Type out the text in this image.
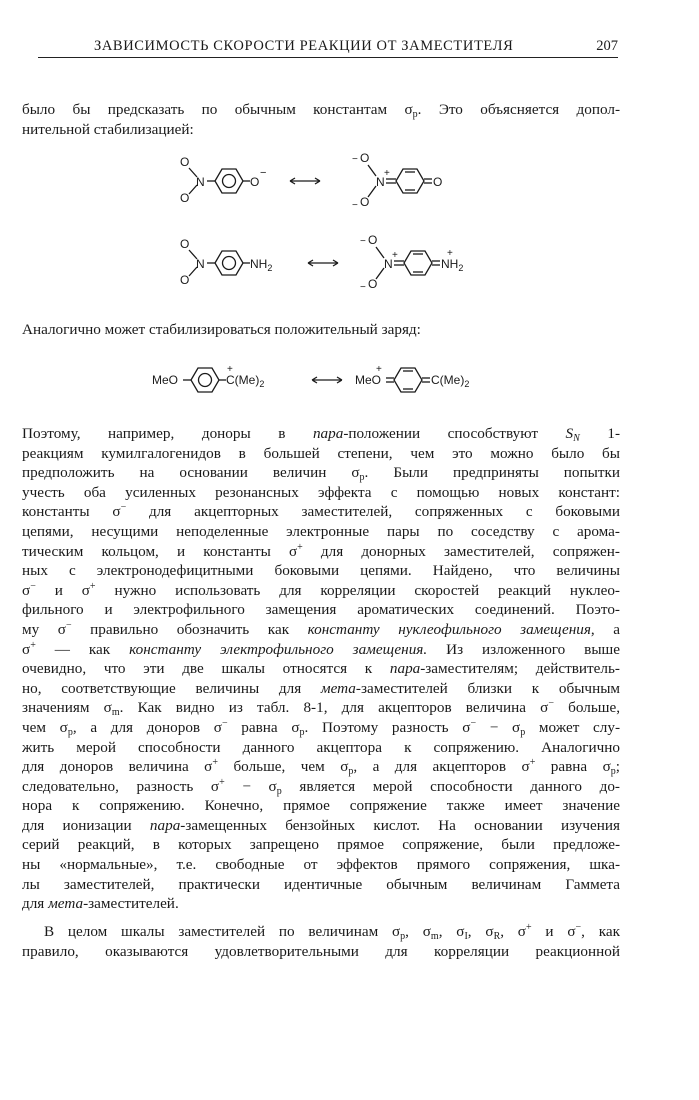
ЗАВИСИМОСТЬ СКОРОСТИ РЕАКЦИИ ОТ ЗАМЕСТИТЕЛЯ	207

было бы предсказать по обычным константам $\sigma_p$. Это объясняется допол-

нительной стабилизацией:

O
O
N	O
−
O
−
O
−
N
+
O
O
O
N	$NH_2$
O
−
O
−
N
+
$NH_2$
+

Аналогично может стабилизироваться положительный заряд:

MeO	$C(Me)_2$
+
MeO
+
$C(Me)_2$

Поэтому, например, доноры в пара-положении способствуют $S_N$ 1-

реакциям кумилгалогенидов в большей степени, чем это можно было бы

предположить на основании величин $\sigma_p$. Были предприняты попытки

учесть оба усиленных резонансных эффекта с помощью новых констант:

константы σ− для акцепторных заместителей, сопряженных с боковыми

цепями, несущими неподеленные электронные пары по соседству с арома-

тическим кольцом, и константы σ+ для донорных заместителей, сопряжен-

ных с электронодефицитными боковыми цепями. Найдено, что величины

σ− и σ+ нужно использовать для корреляции скоростей реакций нуклео-

фильного и электрофильного замещения ароматических соединений. Поэто-

му σ− правильно обозначить как константу нуклеофильного замещения, а

σ+ — как константу электрофильного замещения. Из изложенного выше

очевидно, что эти две шкалы относятся к пара-заместителям; действитель-

но, соответствующие величины для мета-заместителей близки к обычным

значениям $\sigma_m$. Как видно из табл. 8-1, для акцепторов величина σ− больше,

чем $\sigma_p$, а для доноров σ− равна $\sigma_p$. Поэтому разность $\sigma^- - \sigma_p$ может слу-

жить мерой способности данного акцептора к сопряжению. Аналогично

для доноров величина σ+ больше, чем $\sigma_p$, а для акцепторов σ+ равна $\sigma_p$;

следовательно, разность $\sigma^+ - \sigma_p$ является мерой способности данного до-

нора к сопряжению. Конечно, прямое сопряжение также имеет значение

для ионизации пара-замещенных бензойных кислот. На основании изучения

серий реакций, в которых запрещено прямое сопряжение, были предложе-

ны «нормальные», т.е. свободные от эффектов прямого сопряжения, шка-

лы заместителей, практически идентичные обычным величинам Гаммета

для мета-заместителей.

В целом шкалы заместителей по величинам $\sigma_p$, $\sigma_m$, $\sigma_I$, $\sigma_R$, σ+ и σ−, как

правило, оказываются удовлетворительными для корреляции реакционной
